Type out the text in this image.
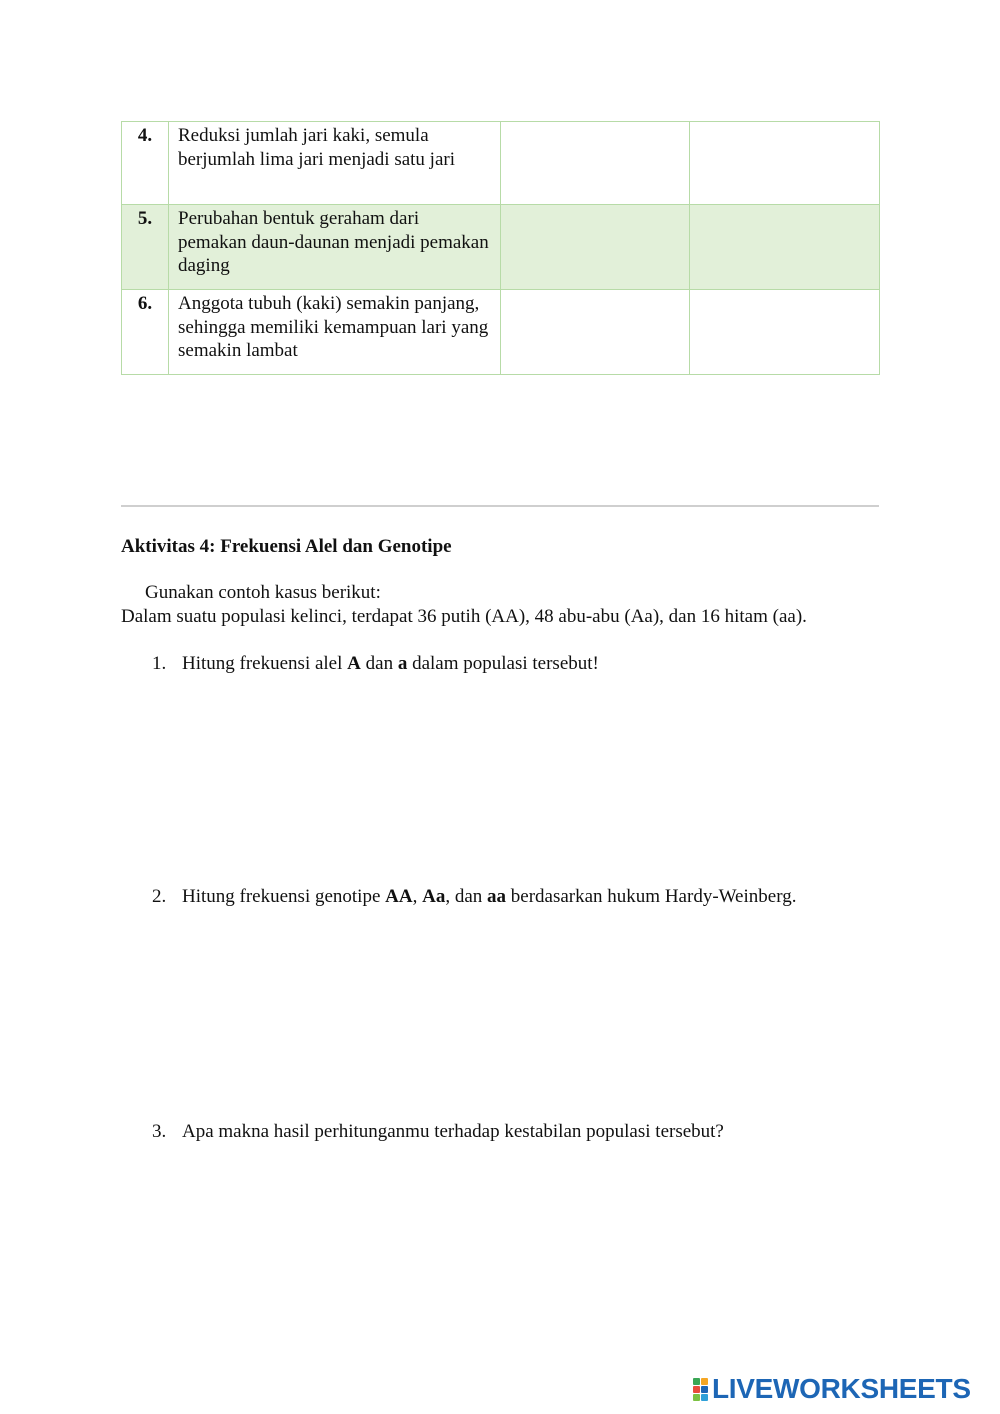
4.	Reduksi jumlah jari kaki, semula berjumlah lima jari menjadi satu jari		
5.	Perubahan bentuk geraham dari pemakan daun-daunan menjadi pemakan daging		
6.	Anggota tubuh (kaki) semakin panjang, sehingga memiliki kemampuan lari yang semakin lambat		
Aktivitas 4: Frekuensi Alel dan Genotipe
Gunakan contoh kasus berikut:
Dalam suatu populasi kelinci, terdapat 36 putih (AA), 48 abu-abu (Aa), dan 16 hitam (aa).
1. Hitung frekuensi alel A dan a dalam populasi tersebut!
2. Hitung frekuensi genotipe AA, Aa, dan aa berdasarkan hukum Hardy-Weinberg.
3. Apa makna hasil perhitunganmu terhadap kestabilan populasi tersebut?
LIVEWORKSHEETS
